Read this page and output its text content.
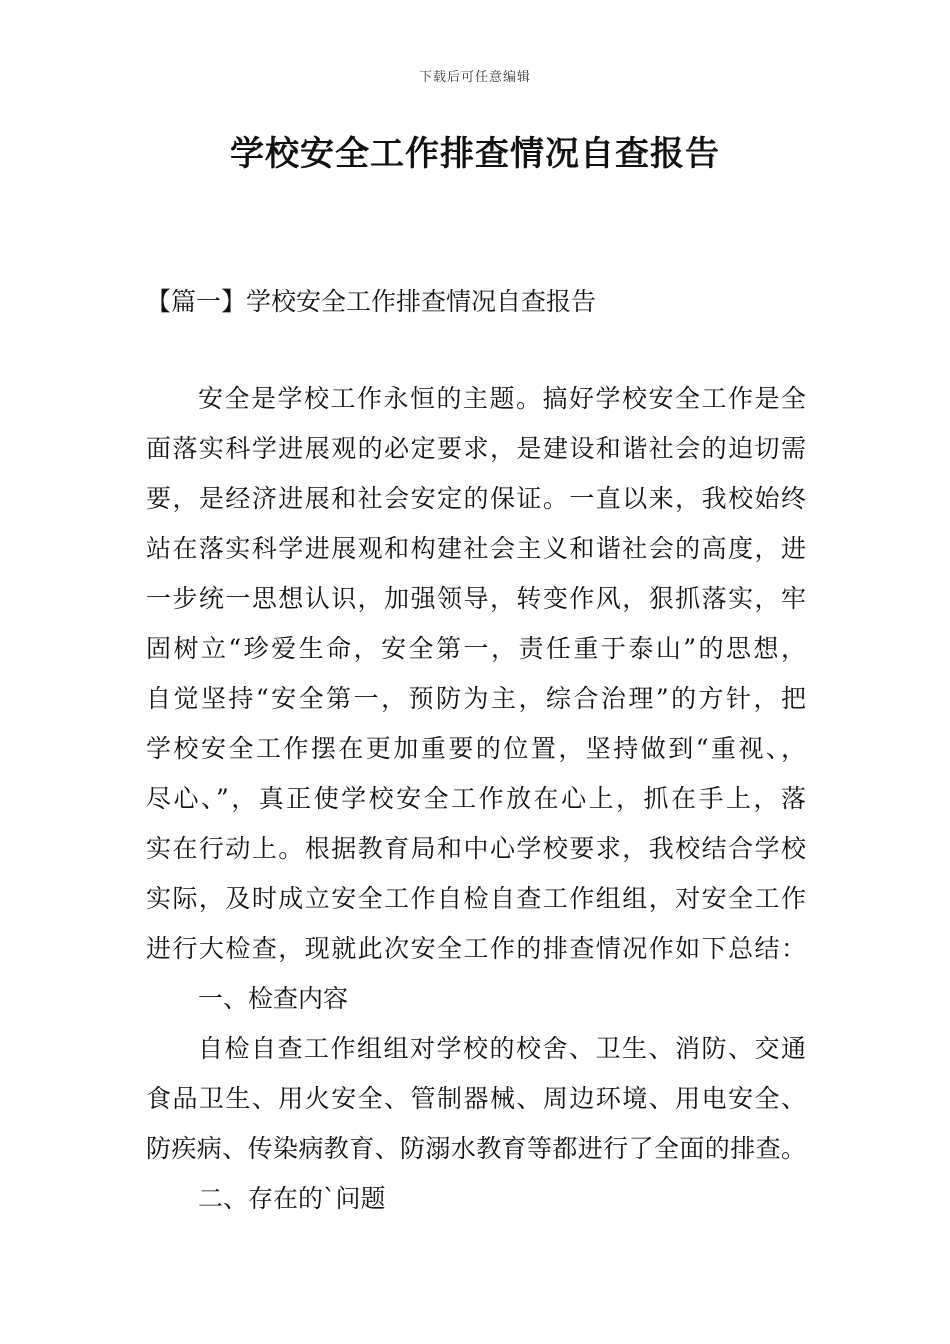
下载后可任意编辑
学校安全工作排查情况自查报告
【篇一】学校安全工作排查情况自查报告
安全是学校工作永恒的主题。搞好学校安全工作是全
面落实科学进展观的必定要求，是建设和谐社会的迫切需
要，是经济进展和社会安定的保证。一直以来，我校始终
站在落实科学进展观和构建社会主义和谐社会的高度，进
一步统一思想认识，加强领导，转变作风，狠抓落实，牢
固树立“珍爱生命，安全第一，责任重于泰山”的思想，
自觉坚持“安全第一，预防为主，综合治理”的方针，把
学校安全工作摆在更加重要的位置，坚持做到“重视、，
尽心、”，真正使学校安全工作放在心上，抓在手上，落
实在行动上。根据教育局和中心学校要求，我校结合学校
实际，及时成立安全工作自检自查工作组组，对安全工作
进行大检查，现就此次安全工作的排查情况作如下总结：
一、检查内容
自检自查工作组组对学校的校舍、卫生、消防、交通
食品卫生、用火安全、管制器械、周边环境、用电安全、
防疾病、传染病教育、防溺水教育等都进行了全面的排查。
二、存在的`问题
